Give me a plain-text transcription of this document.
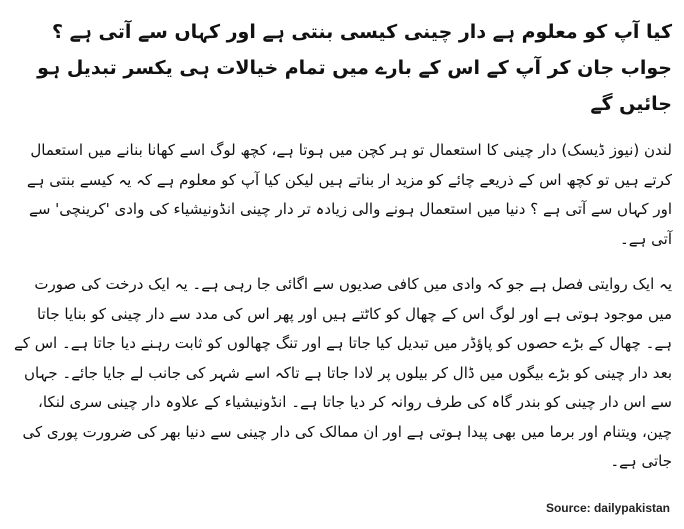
کیا آپ کو معلوم ہے دار چینی کیسی بنتی ہے اور کہاں سے آتی ہے ؟ جواب جان کر آپ کے اس کے بارے میں تمام خیالات ہی یکسر تبدیل ہو جائیں گے
لندن (نیوز ڈیسک) دار چینی کا استعمال تو ہر کچن میں ہوتا ہے، کچھ لوگ اسے کھانا بنانے میں استعمال کرتے ہیں تو کچھ اس کے ذریعے چائے کو مزید ار بناتے ہیں لیکن کیا آپ کو معلوم ہے کہ یہ کیسے بنتی ہے اور کہاں سے آتی ہے ؟ دنیا میں استعمال ہونے والی زیادہ تر دار چینی انڈونیشیاء کی وادی 'کرینچی' سے آتی ہے۔
یہ ایک روایتی فصل ہے جو کہ وادی میں کافی صدیوں سے اگائی جا رہی ہے۔ یہ ایک درخت کی صورت میں موجود ہوتی ہے اور لوگ اس کے چھال کو کاٹتے ہیں اور پھر اس کی مدد سے دار چینی کو بنایا جاتا ہے۔ چھال کے بڑے حصوں کو پاؤڈر میں تبدیل کیا جاتا ہے اور تنگ چھالوں کو ثابت رہنے دیا جاتا ہے۔ اس کے بعد دار چینی کو بڑے بیگوں میں ڈال کر بیلوں پر لادا جاتا ہے تاکہ اسے شہر کی جانب لے جایا جائے۔ جہاں سے اس دار چینی کو بندر گاہ کی طرف روانہ کر دیا جاتا ہے۔ انڈونیشیاء کے علاوہ دار چینی سری لنکا، چین، ویتنام اور برما میں بھی پیدا ہوتی ہے اور ان ممالک کی دار چینی سے دنیا بھر کی ضرورت پوری کی جاتی ہے۔
Source: dailypakistan
